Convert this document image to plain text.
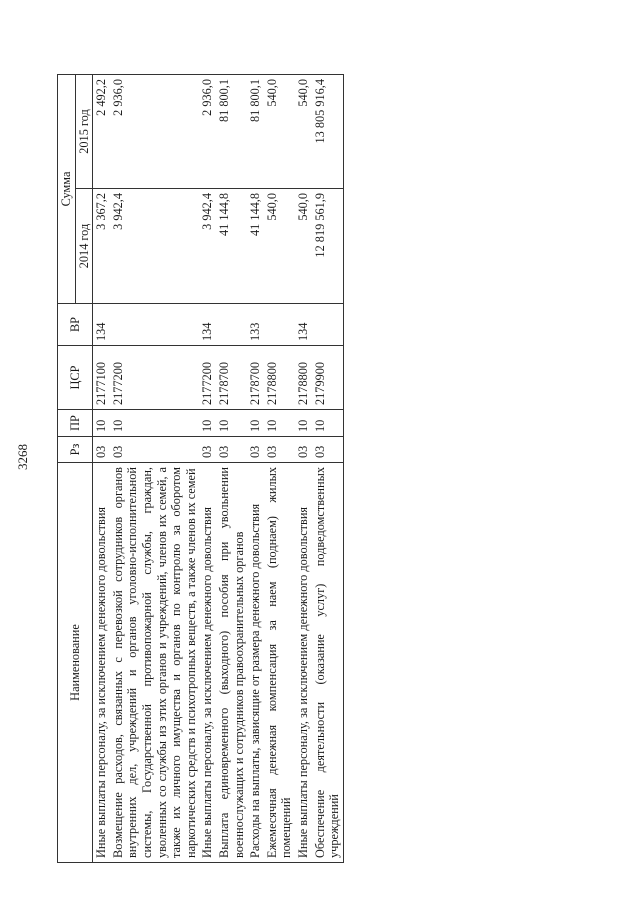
3268
Наименование	Рз	ПР	ЦСР	ВР	Сумма	
					2014 год	2015 год
Иные выплаты персоналу, за исключением денежного довольствия	03	10	2177100	134	3 367,2	2 492,2
Возмещение расходов, связанных с перевозкой сотрудников органов внутренних дел, учреждений и органов уголовно-исполнительной системы, Государственной противопожарной службы, граждан, уволенных со службы из этих органов и учреждений, членов их семей, а также их личного имущества и органов по контролю за оборотом наркотических средств и психотропных веществ, а также членов их семей	03	10	2177200		3 942,4	2 936,0
Иные выплаты персоналу, за исключением денежного довольствия	03	10	2177200	134	3 942,4	2 936,0
Выплата единовременного (выходного) пособия при увольнении военнослужащих и сотрудников правоохранительных органов	03	10	2178700		41 144,8	81 800,1
Расходы на выплаты, зависящие от размера денежного довольствия	03	10	2178700	133	41 144,8	81 800,1
Ежемесячная денежная компенсация за наем (поднаем) жилых помещений	03	10	2178800		540,0	540,0
Иные выплаты персоналу, за исключением денежного довольствия	03	10	2178800	134	540,0	540,0
Обеспечение деятельности (оказание услуг) подведомственных учреждений	03	10	2179900		12 819 561,9	13 805 916,4
